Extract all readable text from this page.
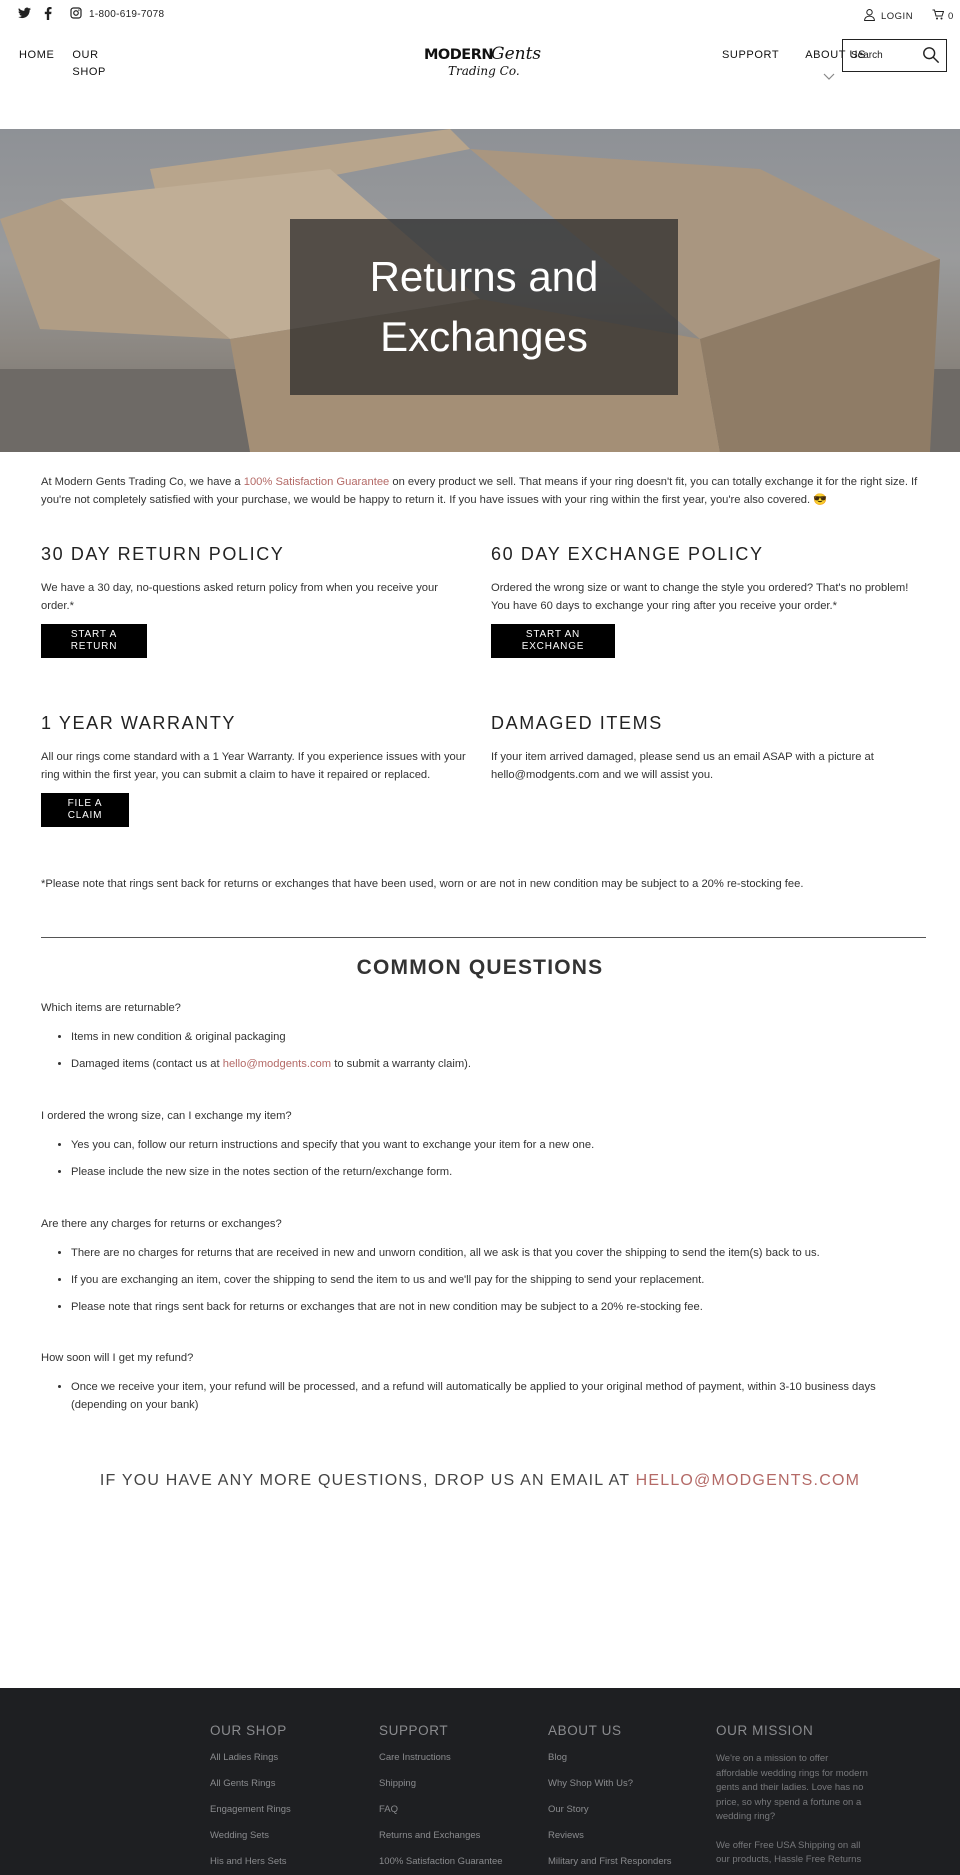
1-800-619-7078	LOGIN	0
HOME OUR
SHOP
MODERN
Gents
Trading Co.
SUPPORT ABOUT US
Search
Returns and
Exchanges

At Modern Gents Trading Co, we have a 100% Satisfaction Guarantee on every product we sell. That means if your ring doesn't fit, you can totally exchange it for the right size. If you're not completely satisfied with your purchase, we would be happy to return it. If you have issues with your ring within the first year, you're also covered. 😎

30 DAY RETURN POLICY

We have a 30 day, no-questions asked return policy from when you receive your order.*

START A
RETURN
60 DAY EXCHANGE POLICY

Ordered the wrong size or want to change the style you ordered? That's no problem! You have 60 days to exchange your ring after you receive your order.*

START AN
EXCHANGE
1 YEAR WARRANTY

All our rings come standard with a 1 Year Warranty. If you experience issues with your ring within the first year, you can submit a claim to have it repaired or replaced.

FILE A
CLAIM
DAMAGED ITEMS

If your item arrived damaged, please send us an email ASAP with a picture at hello@modgents.com and we will assist you.

*Please note that rings sent back for returns or exchanges that have been used, worn or are not in new condition may be subject to a 20% re-stocking fee.

COMMON QUESTIONS
Which items are returnable?
• Items in new condition & original packaging
• Damaged items (contact us at hello@modgents.com to submit a warranty claim).
I ordered the wrong size, can I exchange my item?
• Yes you can, follow our return instructions and specify that you want to exchange your item for a new one.
• Please include the new size in the notes section of the return/exchange form.
Are there any charges for returns or exchanges?
• There are no charges for returns that are received in new and unworn condition, all we ask is that you cover the shipping to send the item(s) back to us.
• If you are exchanging an item, cover the shipping to send the item to us and we'll pay for the shipping to send your replacement.
• Please note that rings sent back for returns or exchanges that are not in new condition may be subject to a 20% re-stocking fee.
How soon will I get my refund?
• Once we receive your item, your refund will be processed, and a refund will automatically be applied to your original method of payment, within 3-10 business days (depending on your bank)
IF YOU HAVE ANY MORE QUESTIONS, DROP US AN EMAIL AT HELLO@MODGENTS.COM
OUR SHOP
All Ladies Rings
All Gents Rings
Engagement Rings
Wedding Sets
His and Hers Sets
SUPPORT
Care Instructions
Shipping
FAQ
Returns and Exchanges
100% Satisfaction Guarantee
ABOUT US
Blog
Why Shop With Us?
Our Story
Reviews
Military and First Responders
OUR MISSION

We're on a mission to offer affordable wedding rings for modern gents and their ladies. Love has no price, so why spend a fortune on a wedding ring?

We offer Free USA Shipping on all our products, Hassle Free Returns
